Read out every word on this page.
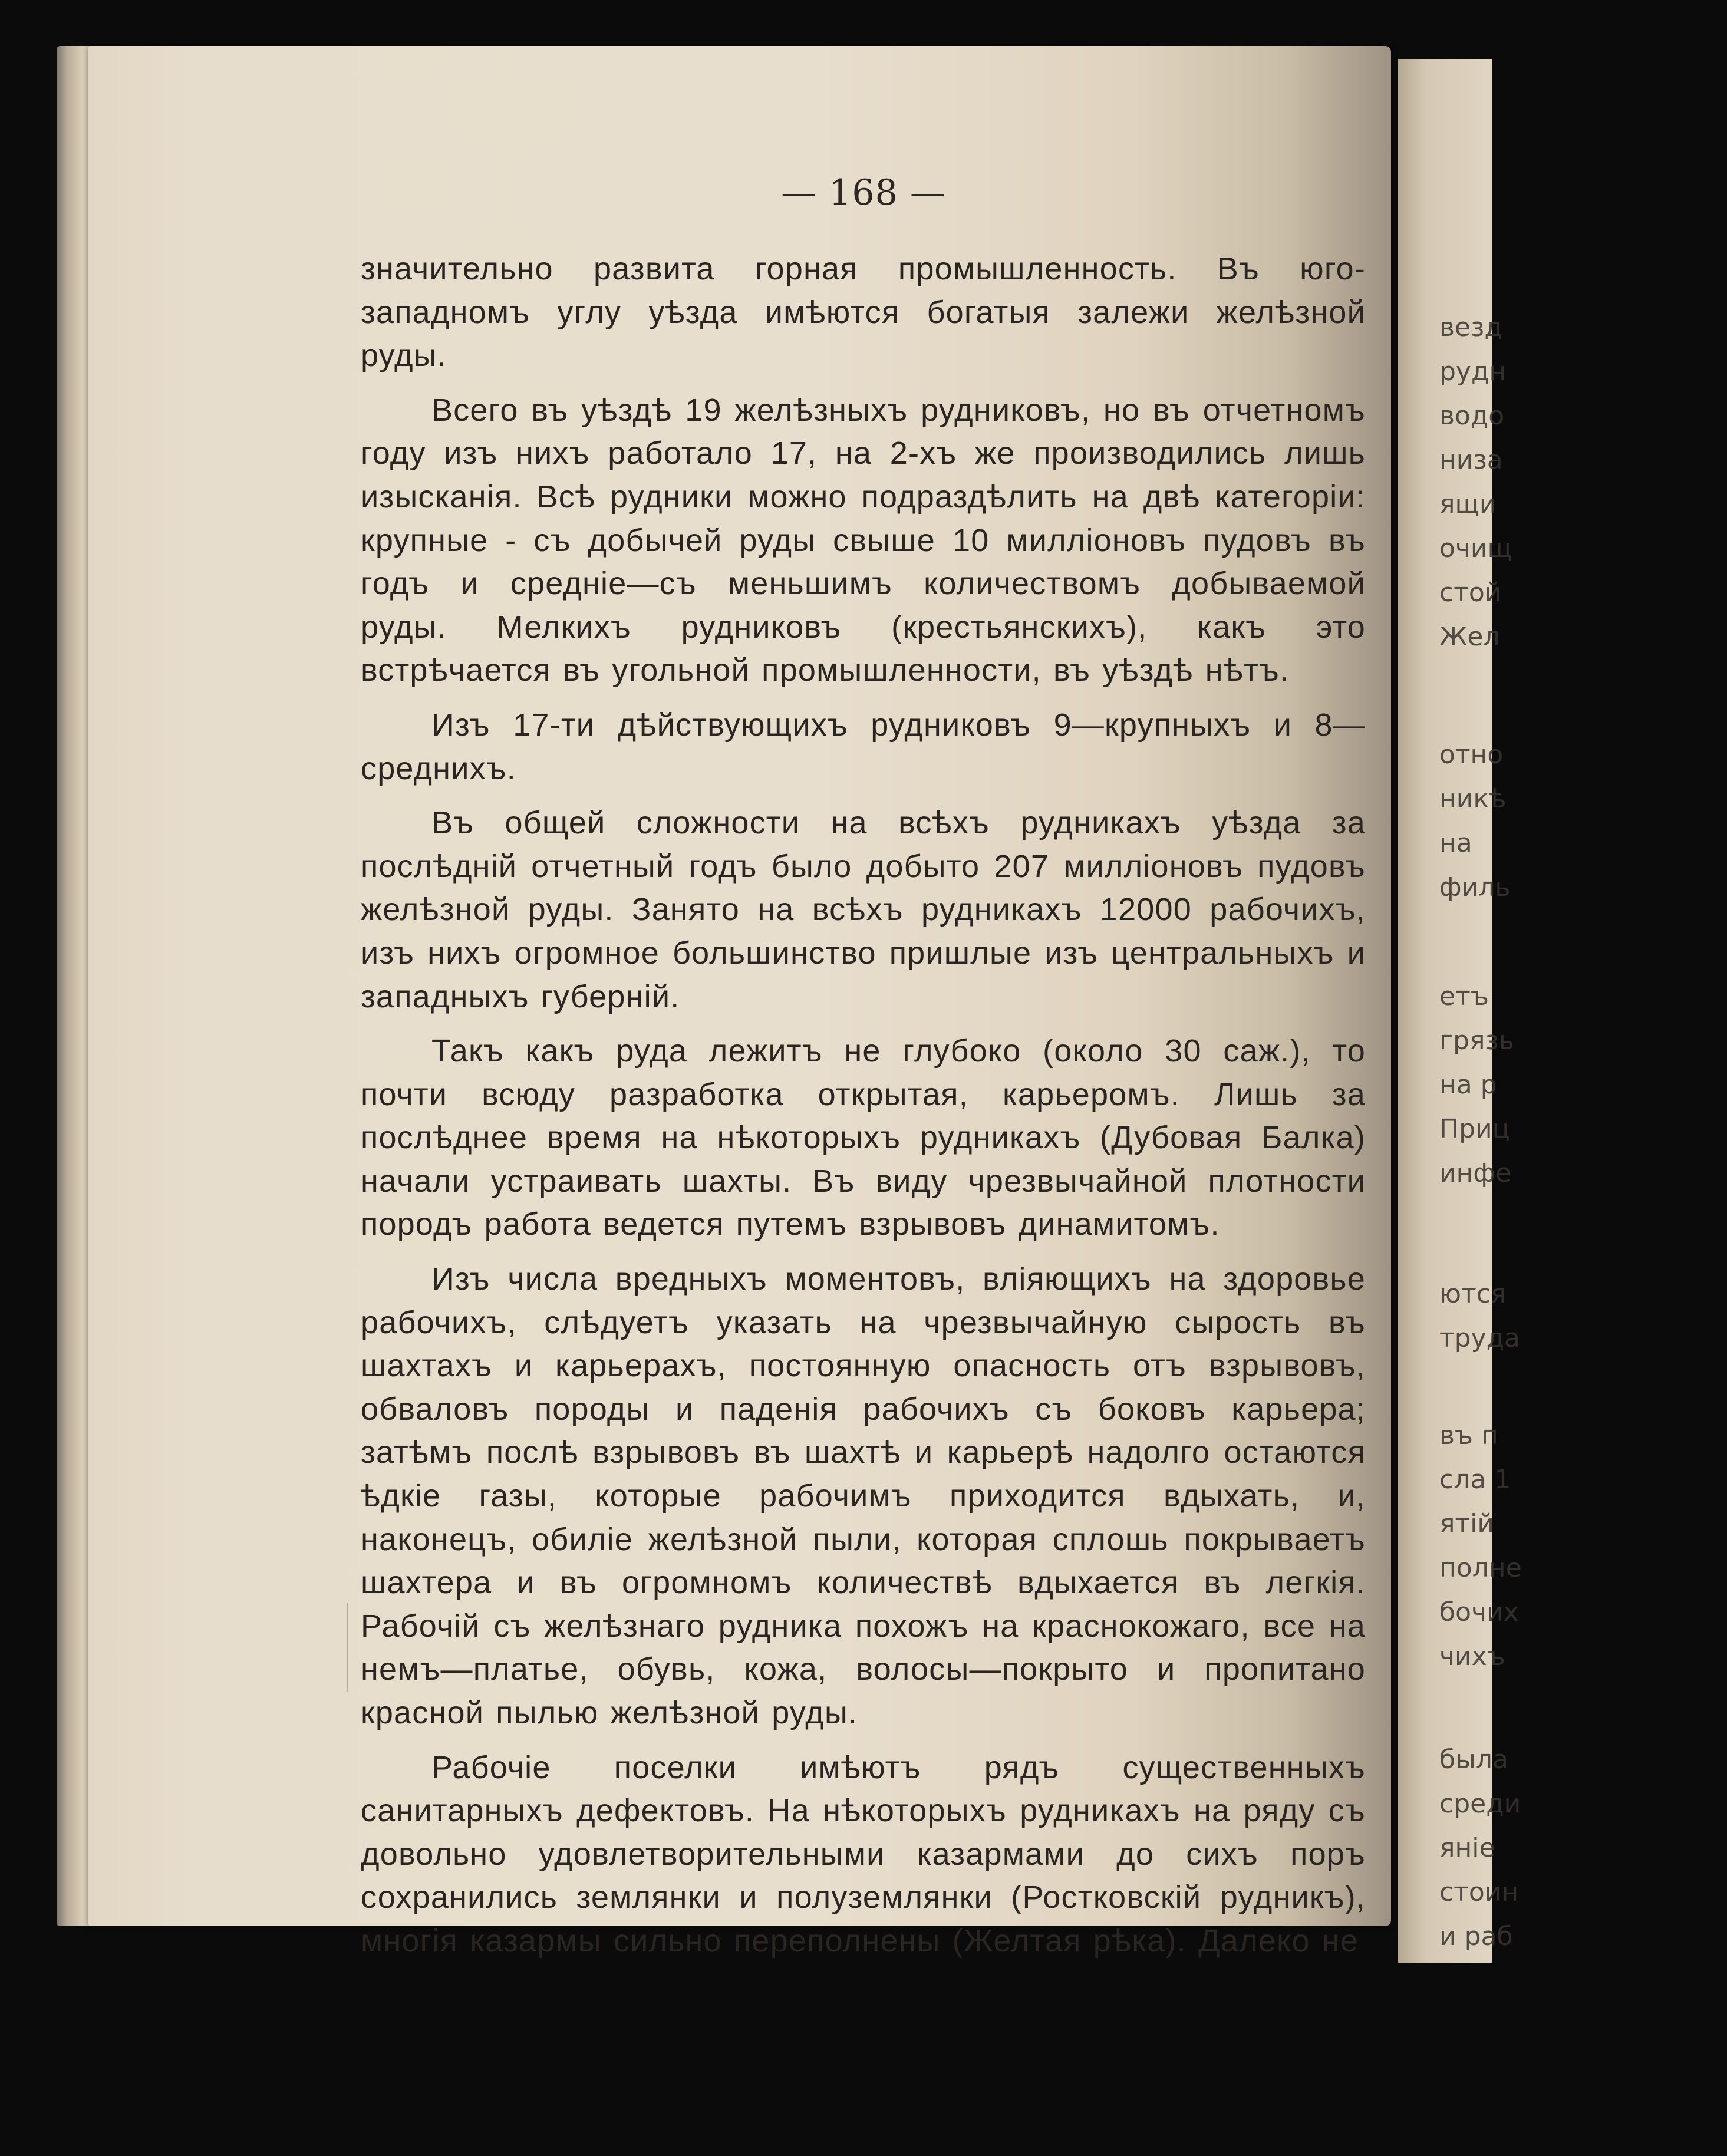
везд
рудн
водо
низа
ящи
очищ
стой
Жел
отно
никѣ
на
филь
етъ
грязь
на р
Приц
инфе
ются
труда
въ п
сла 1
ятій
полне
бочих
чихъ
была
среди
яніе
стоин
и раб
— 168 —

значительно развита горная промышленность. Въ юго-западномъ углу уѣзда имѣются богатыя залежи желѣзной руды.

Всего въ уѣздѣ 19 желѣзныхъ рудниковъ, но въ отчетномъ году изъ нихъ работало 17, на 2-хъ же производились лишь изысканія. Всѣ рудники можно подраздѣлить на двѣ категоріи: крупные - съ добычей руды свыше 10 милліоновъ пудовъ въ годъ и средніе—съ меньшимъ количествомъ добываемой руды. Мелкихъ рудниковъ (крестьянскихъ), какъ это встрѣчается въ угольной промышленности, въ уѣздѣ нѣтъ.

Изъ 17-ти дѣйствующихъ рудниковъ 9—крупныхъ и 8—среднихъ.

Въ общей сложности на всѣхъ рудникахъ уѣзда за послѣдній отчетный годъ было добыто 207 милліоновъ пудовъ желѣзной руды. Занято на всѣхъ рудникахъ 12000 рабочихъ, изъ нихъ огромное большинство пришлые изъ центральныхъ и западныхъ губерній.

Такъ какъ руда лежитъ не глубоко (около 30 саж.), то почти всюду разработка открытая, карьеромъ. Лишь за послѣднее время на нѣкоторыхъ рудникахъ (Дубовая Балка) начали устраивать шахты. Въ виду чрезвычайной плотности породъ работа ведется путемъ взрывовъ динамитомъ.

Изъ числа вредныхъ моментовъ, вліяющихъ на здоровье рабочихъ, слѣдуетъ указать на чрезвычайную сырость въ шахтахъ и карьерахъ, постоянную опасность отъ взрывовъ, обваловъ породы и паденія рабочихъ съ боковъ карьера; затѣмъ послѣ взрывовъ въ шахтѣ и карьерѣ надолго остаются ѣдкіе газы, которые рабочимъ приходится вдыхать, и, наконецъ, обиліе желѣзной пыли, которая сплошь покрываетъ шахтера и въ огромномъ количествѣ вдыхается въ легкія. Рабочій съ желѣзнаго рудника похожъ на краснокожаго, все на немъ—платье, обувь, кожа, волосы—покрыто и пропитано красной пылью желѣзной руды.

Рабочіе поселки имѣютъ рядъ существенныхъ санитарныхъ дефектовъ. На нѣкоторыхъ рудникахъ на ряду съ довольно удовлетворительными казармами до сихъ поръ сохранились землянки и полуземлянки (Ростковскій рудникъ), многія казармы сильно переполнены (Желтая рѣка). Далеко не
